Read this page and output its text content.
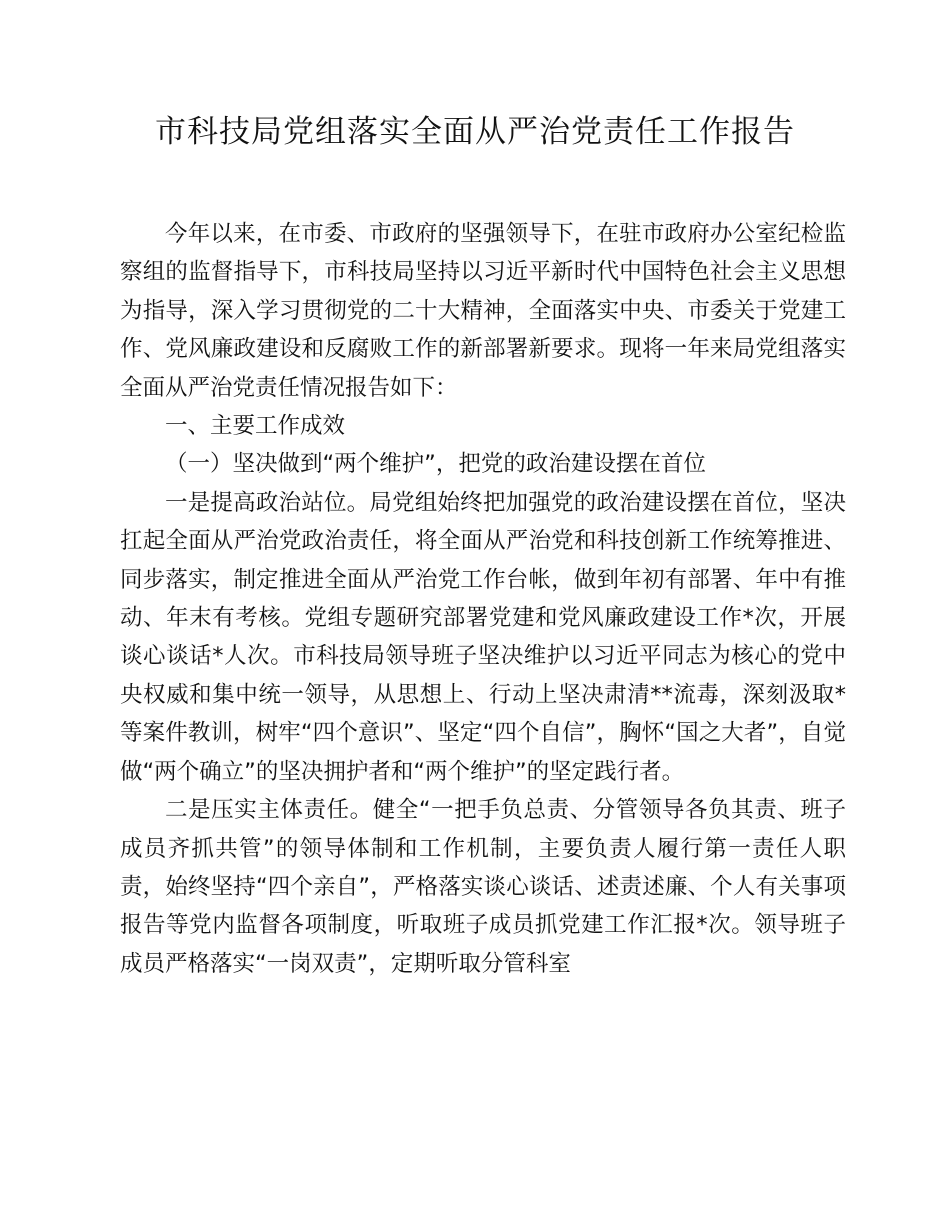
市科技局党组落实全面从严治党责任工作报告

今年以来，在市委、市政府的坚强领导下，在驻市政府办公室纪检监察组的监督指导下，市科技局坚持以习近平新时代中国特色社会主义思想为指导，深入学习贯彻党的二十大精神，全面落实中央、市委关于党建工作、党风廉政建设和反腐败工作的新部署新要求。现将一年来局党组落实全面从严治党责任情况报告如下：

一、主要工作成效

（一）坚决做到“两个维护”，把党的政治建设摆在首位

一是提高政治站位。局党组始终把加强党的政治建设摆在首位，坚决扛起全面从严治党政治责任，将全面从严治党和科技创新工作统筹推进、同步落实，制定推进全面从严治党工作台帐，做到年初有部署、年中有推动、年末有考核。党组专题研究部署党建和党风廉政建设工作*次，开展谈心谈话*人次。市科技局领导班子坚决维护以习近平同志为核心的党中央权威和集中统一领导，从思想上、行动上坚决肃清**流毒，深刻汲取*等案件教训，树牢“四个意识”、坚定“四个自信”，胸怀“国之大者”，自觉做“两个确立”的坚决拥护者和“两个维护”的坚定践行者。

二是压实主体责任。健全“一把手负总责、分管领导各负其责、班子成员齐抓共管”的领导体制和工作机制，主要负责人履行第一责任人职责，始终坚持“四个亲自”，严格落实谈心谈话、述责述廉、个人有关事项报告等党内监督各项制度，听取班子成员抓党建工作汇报*次。领导班子成员严格落实“一岗双责”，定期听取分管科室
